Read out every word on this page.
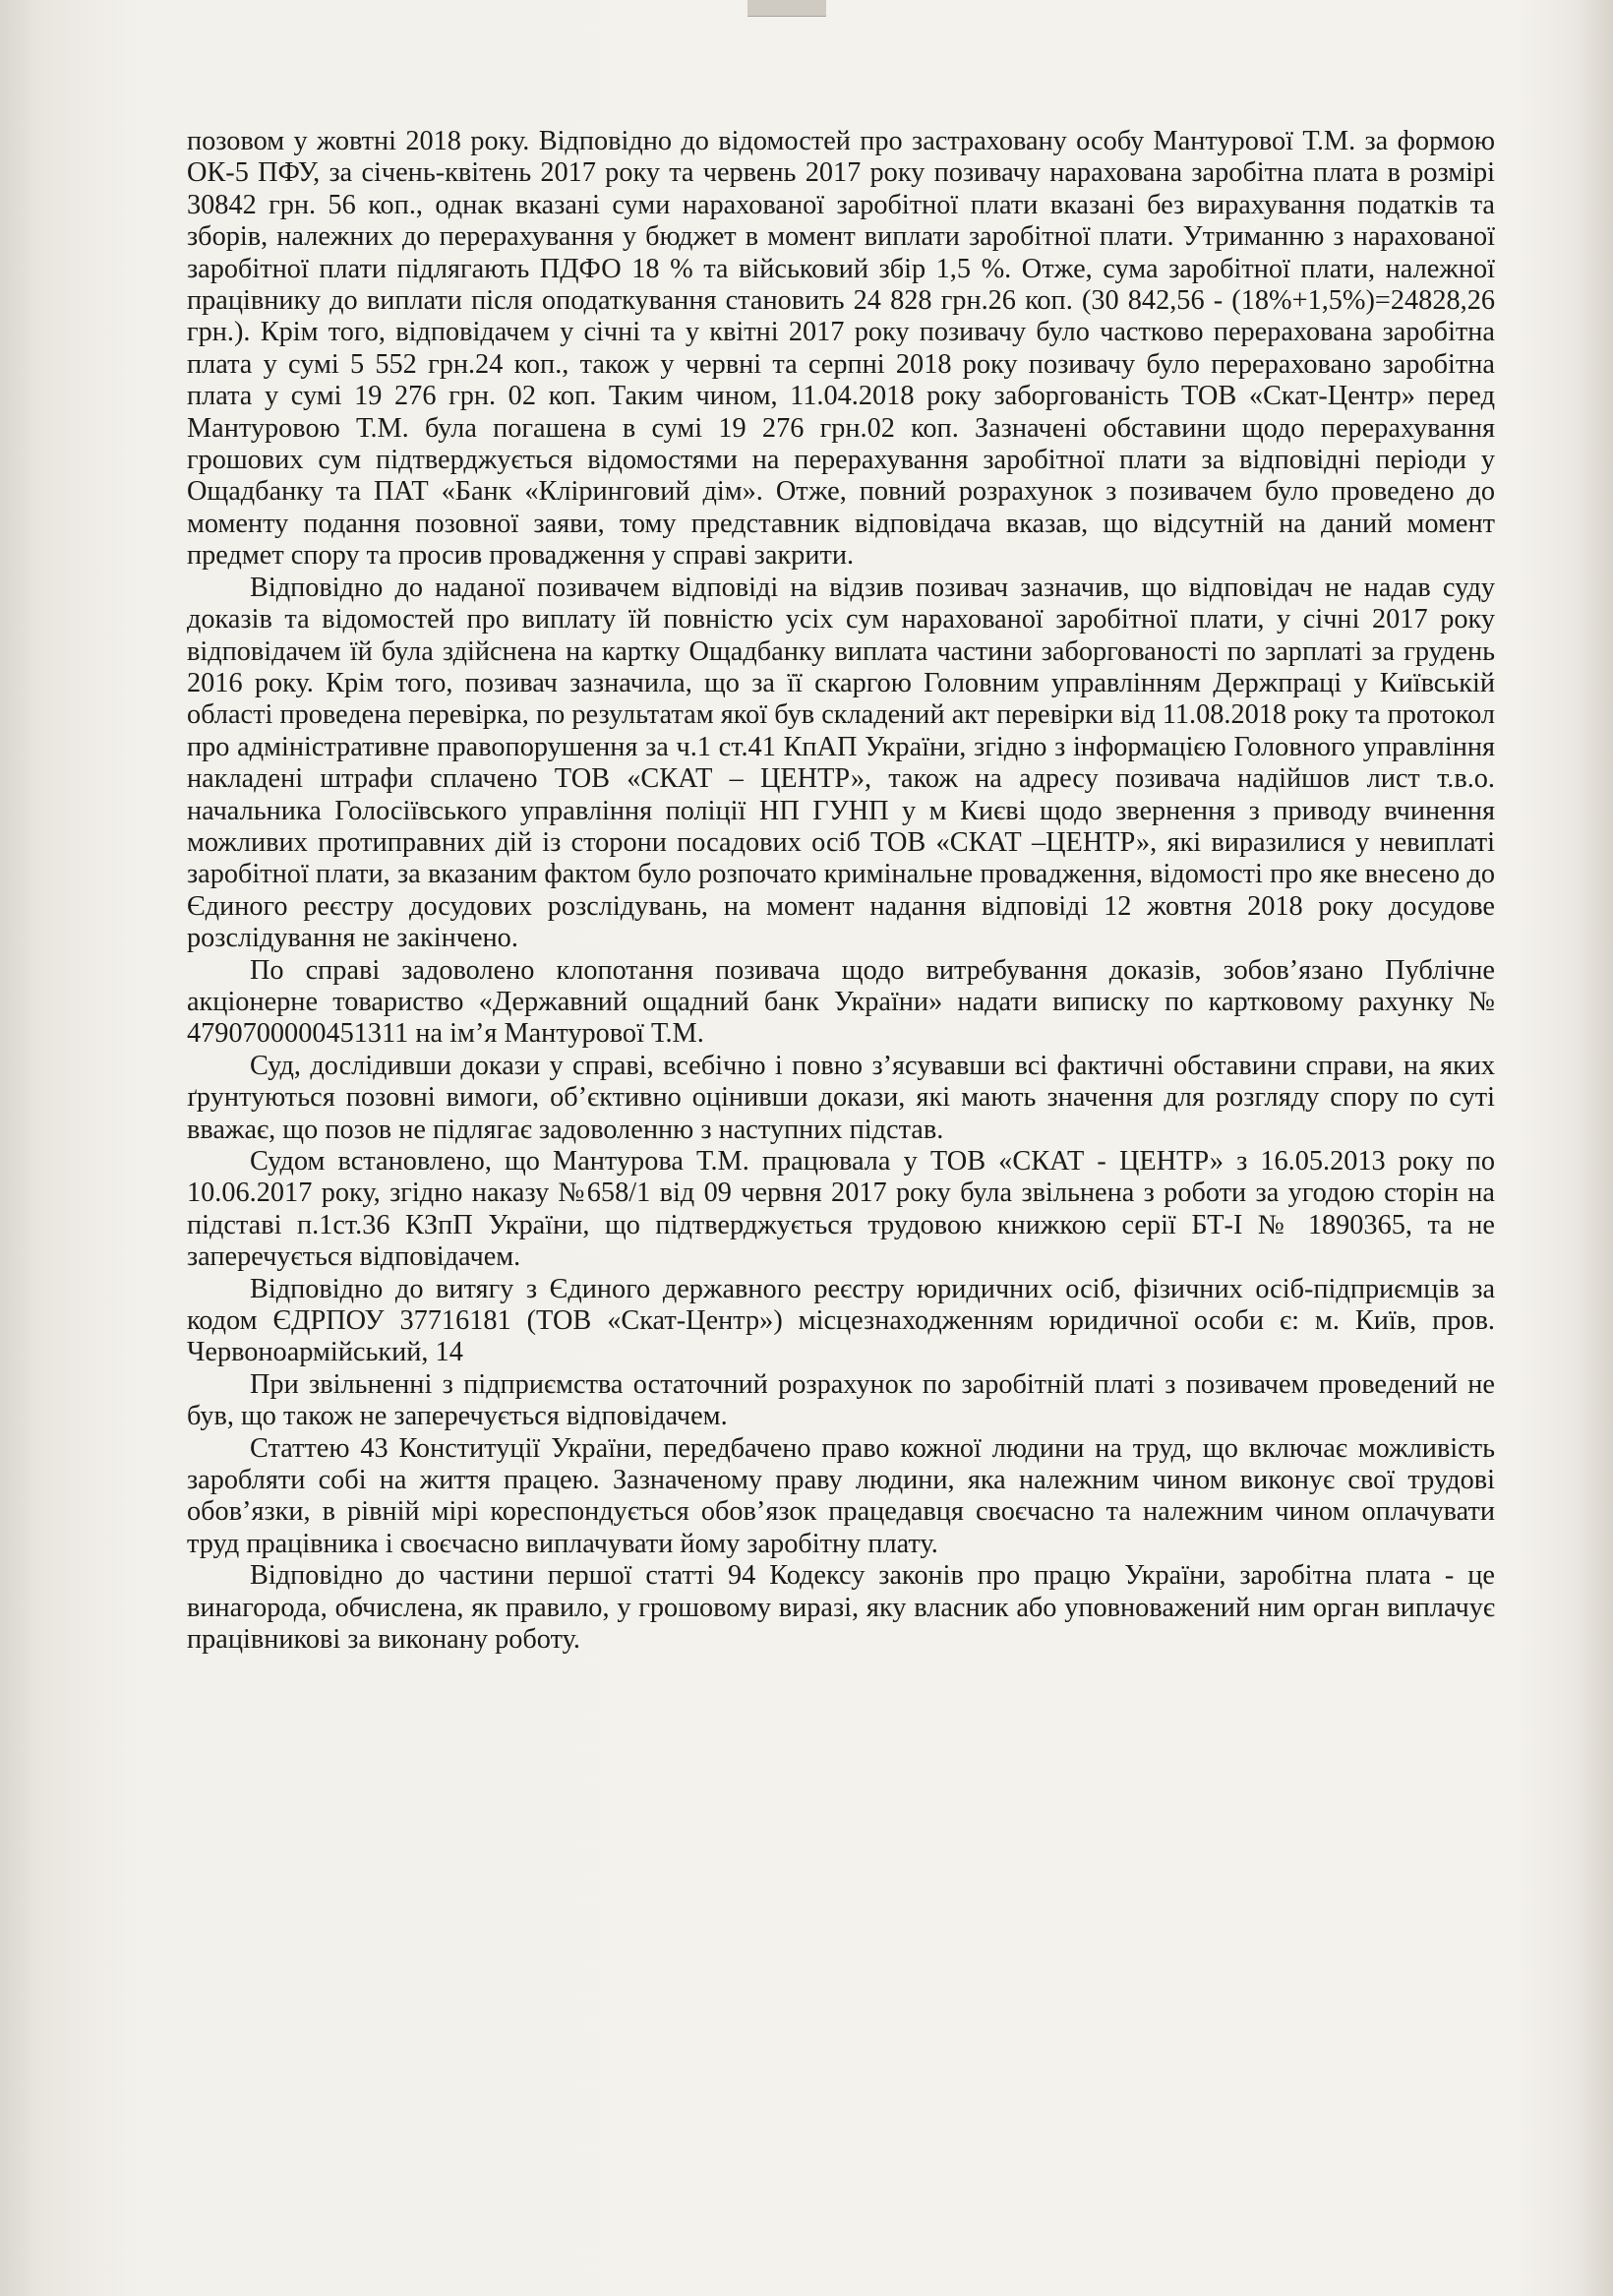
позовом у жовтні 2018 року. Відповідно до відомостей про застраховану особу Мантурової Т.М. за формою ОК-5 ПФУ, за січень-квітень 2017 року та червень 2017 року позивачу нарахована заробітна плата в розмірі 30842 грн. 56 коп., однак вказані суми нарахованої заробітної плати вказані без вирахування податків та зборів, належних до перерахування у бюджет в момент виплати заробітної плати. Утриманню з нарахованої заробітної плати підлягають ПДФО 18 % та військовий збір 1,5 %. Отже, сума заробітної плати, належної працівнику до виплати після оподаткування становить 24 828 грн.26 коп. (30 842,56 - (18%+1,5%)=24828,26 грн.). Крім того, відповідачем у січні та у квітні 2017 року позивачу було частково перерахована заробітна плата у сумі 5 552 грн.24 коп., також у червні та серпні 2018 року позивачу було перераховано заробітна плата у сумі 19 276 грн. 02 коп. Таким чином, 11.04.2018 року заборгованість ТОВ «Скат-Центр» перед Мантуровою Т.М. була погашена в сумі 19 276 грн.02 коп. Зазначені обставини щодо перерахування грошових сум підтверджується відомостями на перерахування заробітної плати за відповідні періоди у Ощадбанку та ПАТ «Банк «Кліринговий дім». Отже, повний розрахунок з позивачем було проведено до моменту подання позовної заяви, тому представник відповідача вказав, що відсутній на даний момент предмет спору та просив провадження у справі закрити.

Відповідно до наданої позивачем відповіді на відзив позивач зазначив, що відповідач не надав суду доказів та відомостей про виплату їй повністю усіх сум нарахованої заробітної плати, у січні 2017 року відповідачем їй була здійснена на картку Ощадбанку виплата частини заборгованості по зарплаті за грудень 2016 року. Крім того, позивач зазначила, що за її скаргою Головним управлінням Держпраці у Київській області проведена перевірка, по результатам якої був складений акт перевірки від 11.08.2018 року та протокол про адміністративне правопорушення за ч.1 ст.41 КпАП України, згідно з інформацією Головного управління накладені штрафи сплачено ТОВ «СКАТ – ЦЕНТР», також на адресу позивача надійшов лист т.в.о. начальника Голосіївського управління поліції НП ГУНП у м Києві щодо звернення з приводу вчинення можливих протиправних дій із сторони посадових осіб ТОВ «СКАТ –ЦЕНТР», які виразилися у невиплаті заробітної плати, за вказаним фактом було розпочато кримінальне провадження, відомості про яке внесено до Єдиного реєстру досудових розслідувань, на момент надання відповіді 12 жовтня 2018 року досудове розслідування не закінчено.

По справі задоволено клопотання позивача щодо витребування доказів, зобов’язано Публічне акціонерне товариство «Державний ощадний банк України» надати виписку по картковому рахунку № 4790700000451311 на ім’я Мантурової Т.М.

Суд, дослідивши докази у справі, всебічно і повно з’ясувавши всі фактичні обставини справи, на яких ґрунтуються позовні вимоги, об’єктивно оцінивши докази, які мають значення для розгляду спору по суті вважає, що позов не підлягає задоволенню з наступних підстав.

Судом встановлено, що Мантурова Т.М. працювала у ТОВ «СКАТ - ЦЕНТР» з 16.05.2013 року по 10.06.2017 року, згідно наказу №658/1 від 09 червня 2017 року була звільнена з роботи за угодою сторін на підставі п.1ст.36 КЗпП України, що підтверджується трудовою книжкою серії БТ-І № 1890365, та не заперечується відповідачем.

Відповідно до витягу з Єдиного державного реєстру юридичних осіб, фізичних осіб-підприємців за кодом ЄДРПОУ 37716181 (ТОВ «Скат-Центр») місцезнаходженням юридичної особи є: м. Київ, пров. Червоноармійський, 14

При звільненні з підприємства остаточний розрахунок по заробітній платі з позивачем проведений не був, що також не заперечується відповідачем.

Статтею 43 Конституції України, передбачено право кожної людини на труд, що включає можливість заробляти собі на життя працею. Зазначеному праву людини, яка належним чином виконує свої трудові обов’язки, в рівній мірі кореспондується обов’язок працедавця своєчасно та належним чином оплачувати труд працівника і своєчасно виплачувати йому заробітну плату.

Відповідно до частини першої статті 94 Кодексу законів про працю України, заробітна плата - це винагорода, обчислена, як правило, у грошовому виразі, яку власник або уповноважений ним орган виплачує працівникові за виконану роботу.
